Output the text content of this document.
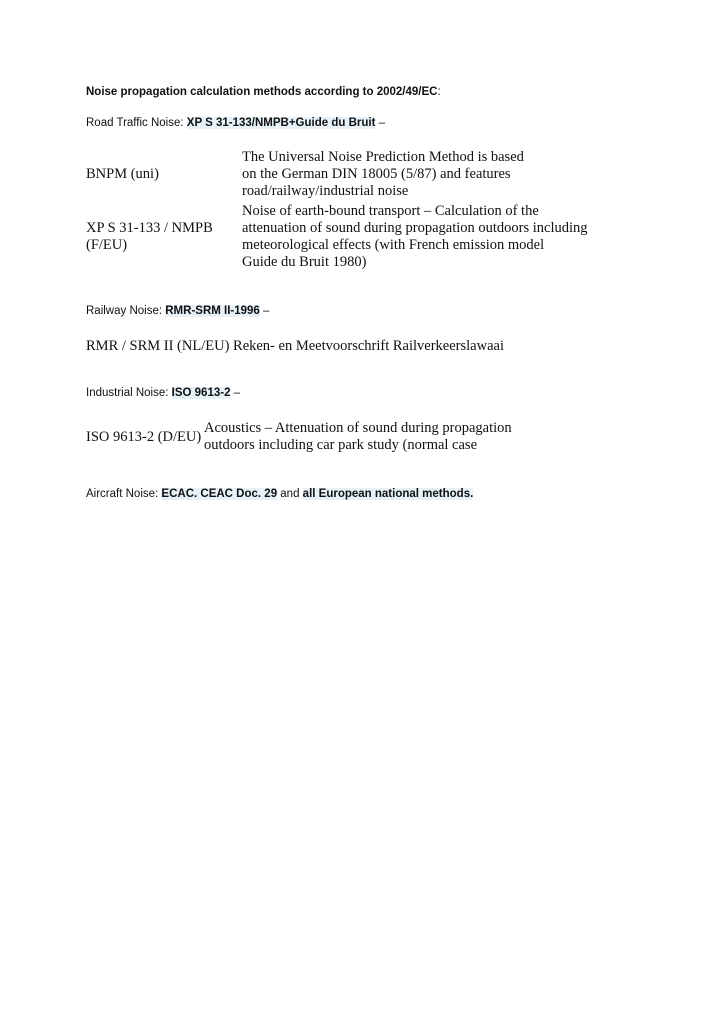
Noise propagation calculation methods according to 2002/49/EC:
Road Traffic Noise: XP S 31-133/NMPB+Guide du Bruit –
BNPM (uni)
The Universal Noise Prediction Method is based
on the German DIN 18005 (5/87) and features
road/railway/industrial noise
XP S 31-133 / NMPB
(F/EU)
Noise of earth-bound transport – Calculation of the
attenuation of sound during propagation outdoors including
meteorological effects (with French emission model
Guide du Bruit 1980)
Railway Noise: RMR-SRM II-1996 –
RMR / SRM II (NL/EU) Reken- en Meetvoorschrift Railverkeerslawaai
Industrial Noise: ISO 9613-2 –
ISO 9613-2 (D/EU)
Acoustics – Attenuation of sound during propagation
outdoors including car park study (normal case
Aircraft Noise: ECAC. CEAC Doc. 29 and all European national methods.
